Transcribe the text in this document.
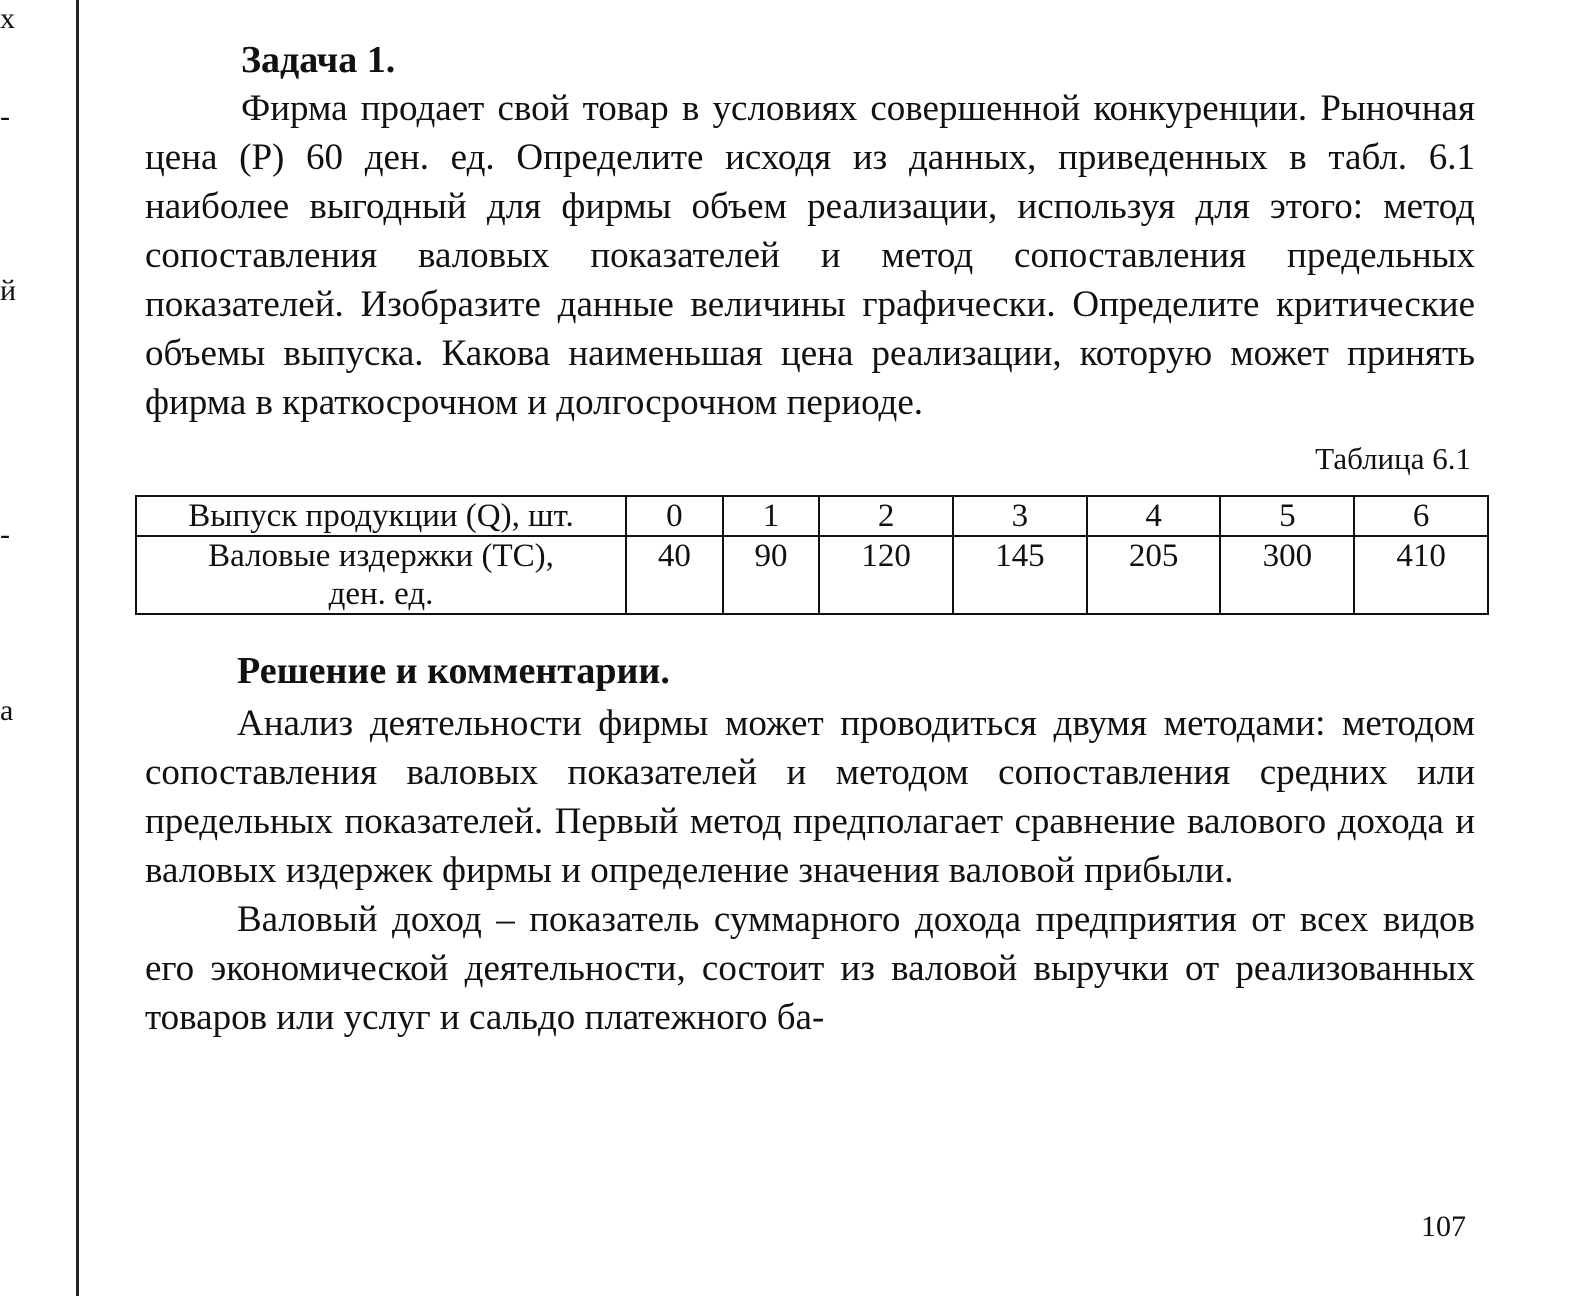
х
-
й
-
а
Задача 1.

Фирма продает свой товар в условиях совершенной конкуренции. Рыночная цена (P) 60 ден. ед. Определите исходя из данных, приведенных в табл. 6.1 наиболее выгодный для фирмы объем реализации, используя для этого: метод сопоставления валовых показателей и метод сопоставления предельных показателей. Изобразите данные величины графически. Определите критические объемы выпуска. Какова наименьшая цена реализации, которую может принять фирма в краткосрочном и долгосрочном периоде.

Таблица 6.1
Выпуск продукции (Q), шт.	0	1	2	3	4	5	6

Валовые издержки (TC),
ден. ед.	40	90	120	145	205	300	410
Решение и комментарии.

Анализ деятельности фирмы может проводиться двумя методами: методом сопоставления валовых показателей и методом сопоставления средних или предельных показателей. Первый метод предполагает сравнение валового дохода и валовых издержек фирмы и определение значения валовой прибыли.

Валовый доход – показатель суммарного дохода предприятия от всех видов его экономической деятельности, состоит из валовой выручки от реализованных товаров или услуг и сальдо платежного ба-

107
